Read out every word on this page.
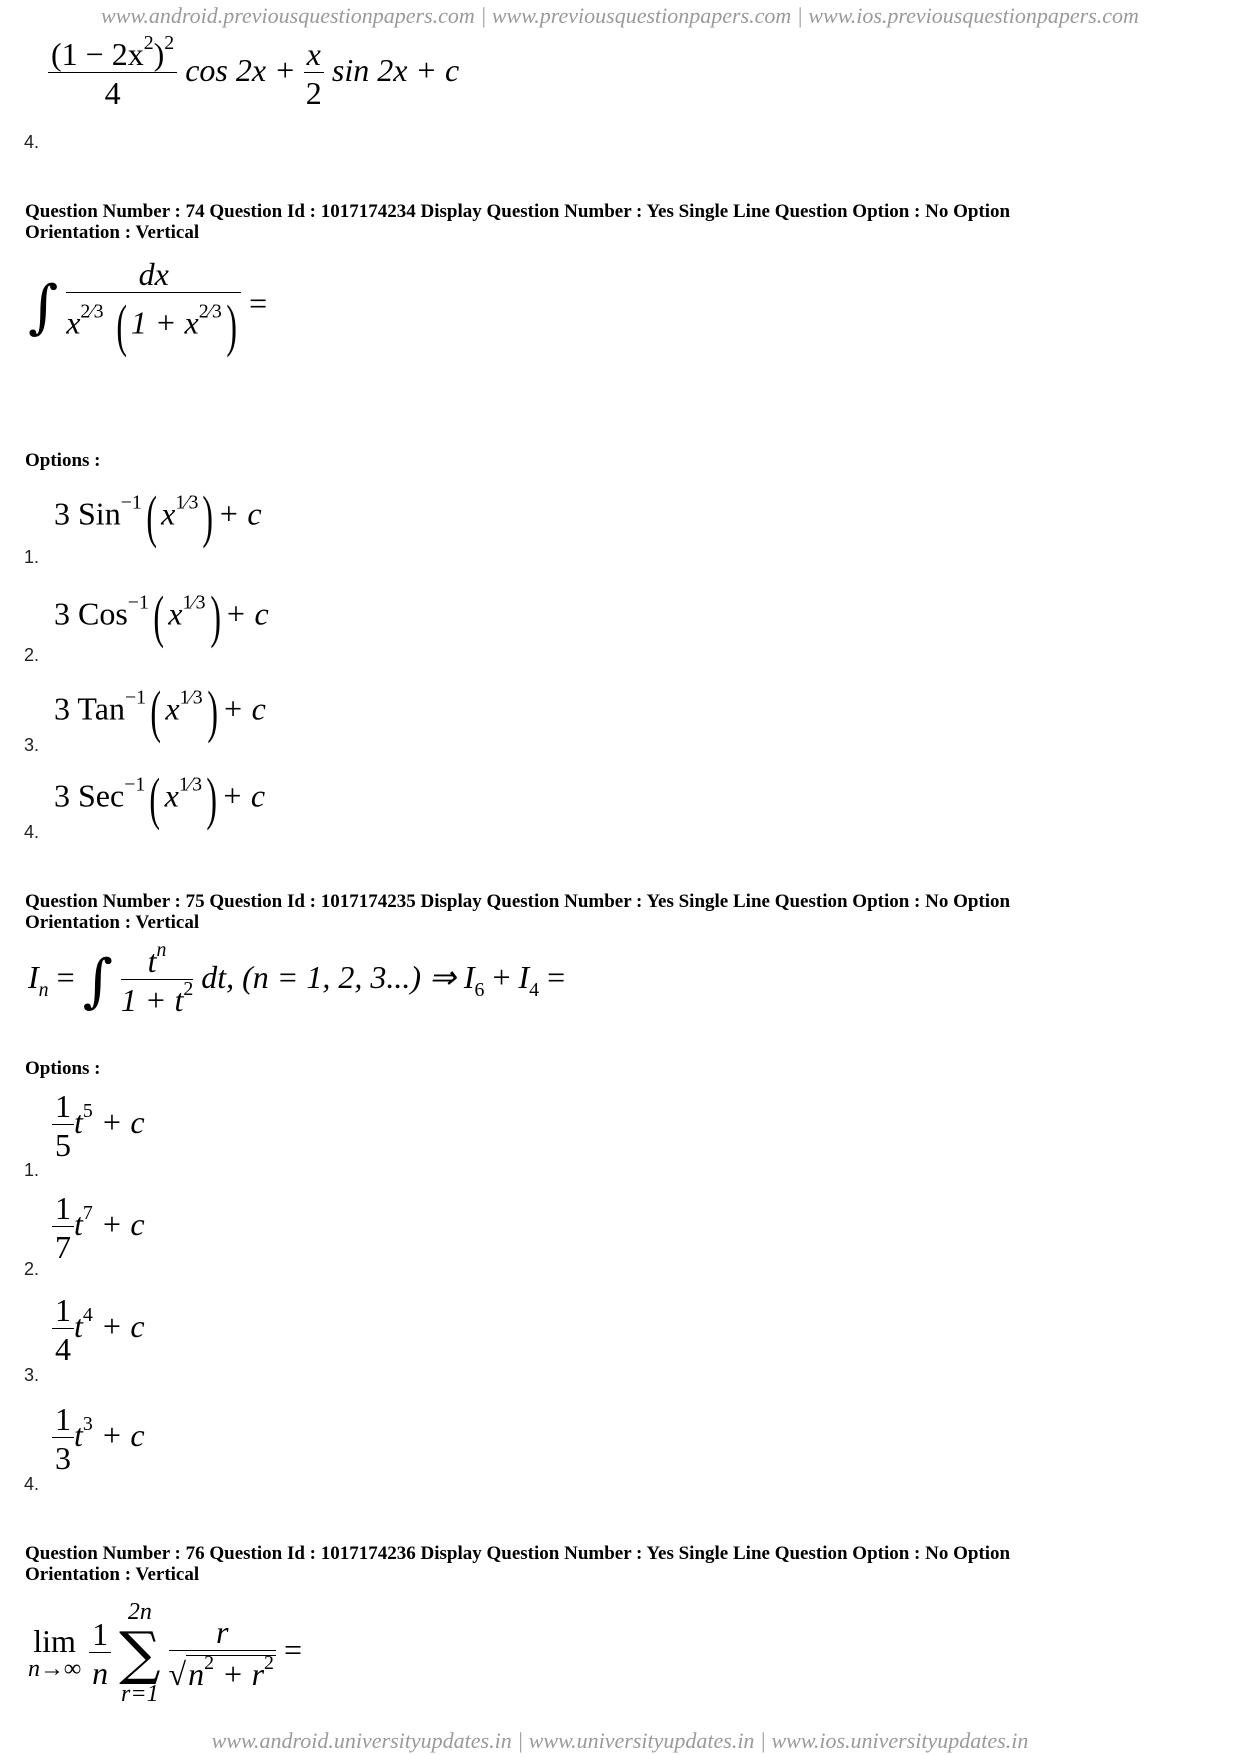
www.android.previousquestionpapers.com | www.previousquestionpapers.com | www.ios.previousquestionpapers.com
$\frac{(1 - 2x^2)^2}{4}$ $\cos 2x + \frac{x}{2}$ sin 2x + c
4.
Question Number : 74 Question Id : 1017174234 Display Question Number : Yes Single Line Question Option : No Option
Orientation : Vertical
∫ $\frac{dx}{x^{2⁄3} ( 1 + x^{2⁄3})}$ =
Options :
3 Sin$^{-1}$( $x^{1⁄3}) + c$
1.
3 Cos$^{-1}$( $x^{1⁄3}) + c$
2.
3 Tan$^{-1}$( $x^{1⁄3}) + c$
3.
3 Sec$^{-1}$( $x^{1⁄3}) + c$
4.
Question Number : 75 Question Id : 1017174235 Display Question Number : Yes Single Line Question Option : No Option
Orientation : Vertical
$I_n$ = ∫ $\frac{t^n}{1 + t^2}$ dt, (n = 1, 2, 3...) ⇒ $I_6 + I_4$ =
Options :
$\frac{1}{5} t^5 + c$
1.
$\frac{1}{7} t^7 + c$
2.
$\frac{1}{4} t^4 + c$
3.
$\frac{1}{3} t^3 + c$
4.
Question Number : 76 Question Id : 1017174236 Display Question Number : Yes Single Line Question Option : No Option
Orientation : Vertical
lim
n→∞
$\frac{1}{n}$

2n
∑
r=1

$\frac{r}{√n^2 + r^2}$ =
www.android.universityupdates.in | www.universityupdates.in | www.ios.universityupdates.in
